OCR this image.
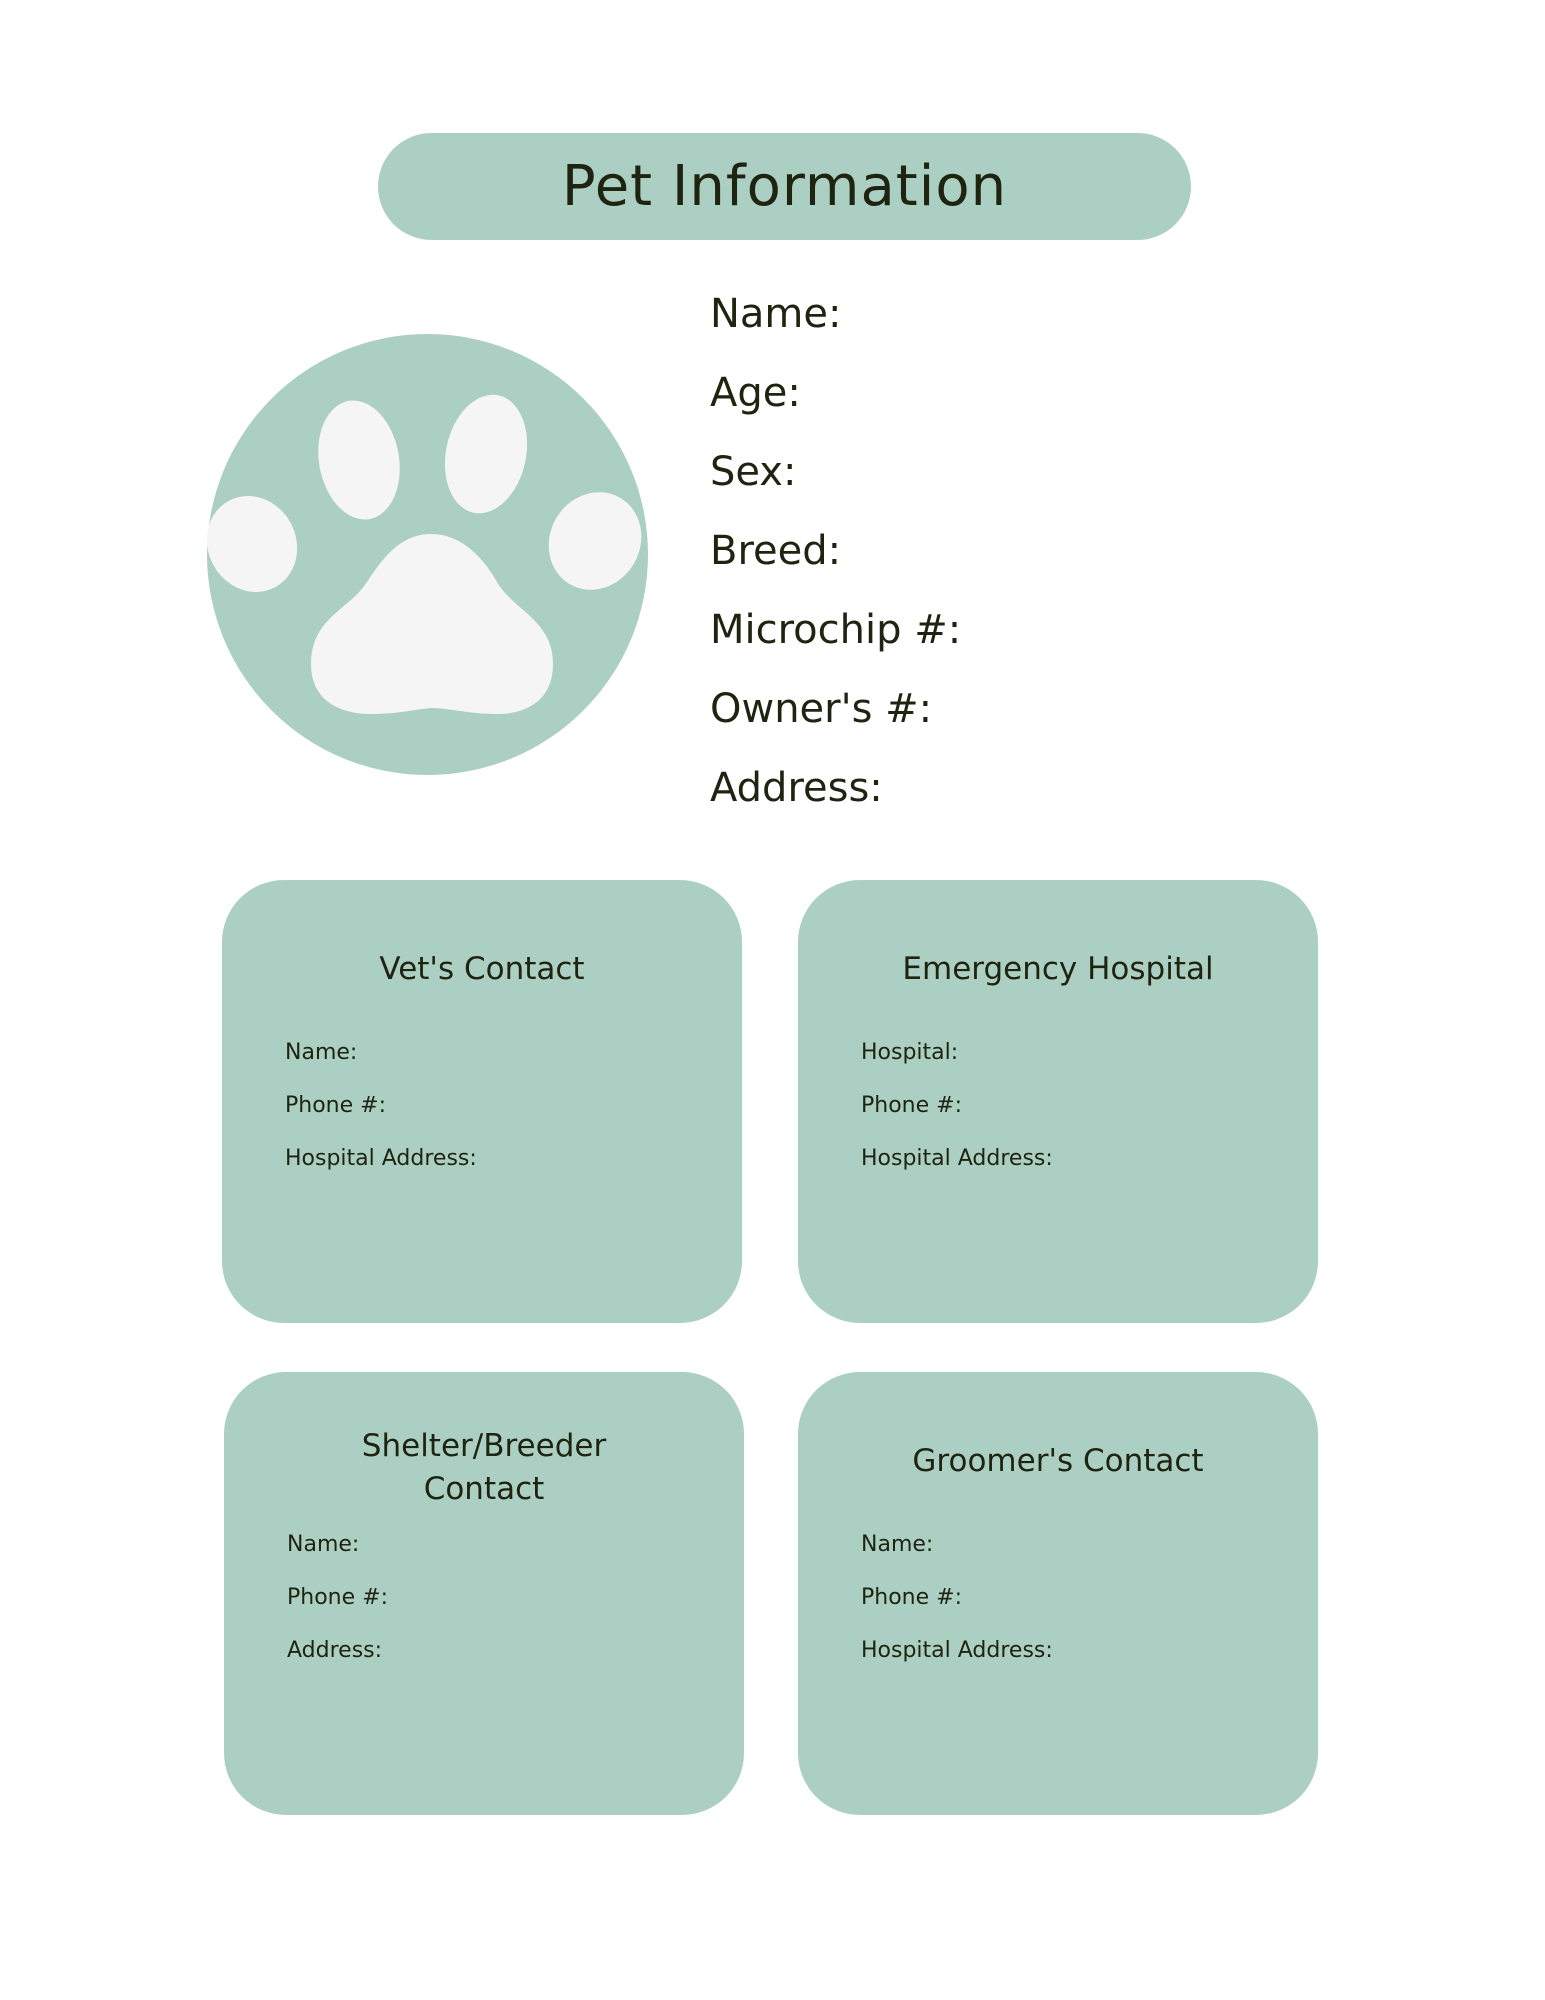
Pet Information
Name:
Age:
Sex:
Breed:
Microchip #:
Owner's #:
Address:
Vet's Contact
Name:
Phone #:
Hospital Address:
Emergency Hospital
Hospital:
Phone #:
Hospital Address:
Shelter/Breeder
Contact
Name:
Phone #:
Address:
Groomer's Contact
Name:
Phone #:
Hospital Address:
